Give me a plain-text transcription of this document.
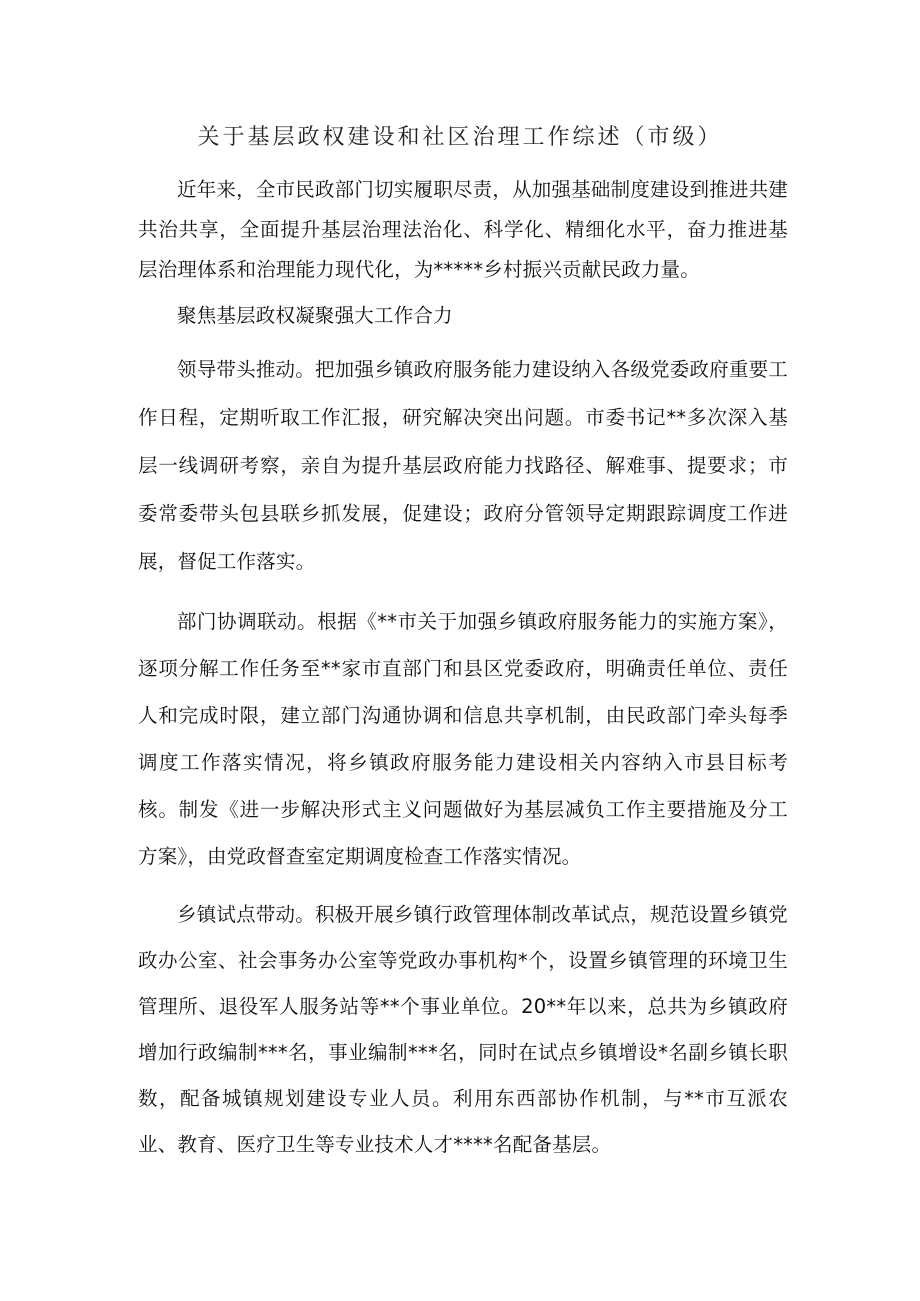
关于基层政权建设和社区治理工作综述（市级）

近年来，全市民政部门切实履职尽责，从加强基础制度建设到推进共建共治共享，全面提升基层治理法治化、科学化、精细化水平，奋力推进基层治理体系和治理能力现代化，为*****乡村振兴贡献民政力量。

聚焦基层政权凝聚强大工作合力

领导带头推动。把加强乡镇政府服务能力建设纳入各级党委政府重要工作日程，定期听取工作汇报，研究解决突出问题。市委书记**多次深入基层一线调研考察，亲自为提升基层政府能力找路径、解难事、提要求；市委常委带头包县联乡抓发展，促建设；政府分管领导定期跟踪调度工作进展，督促工作落实。

部门协调联动。根据《**市关于加强乡镇政府服务能力的实施方案》，逐项分解工作任务至**家市直部门和县区党委政府，明确责任单位、责任人和完成时限，建立部门沟通协调和信息共享机制，由民政部门牵头每季调度工作落实情况，将乡镇政府服务能力建设相关内容纳入市县目标考核。制发《进一步解决形式主义问题做好为基层减负工作主要措施及分工方案》，由党政督查室定期调度检查工作落实情况。

乡镇试点带动。积极开展乡镇行政管理体制改革试点，规范设置乡镇党政办公室、社会事务办公室等党政办事机构*个，设置乡镇管理的环境卫生管理所、退役军人服务站等**个事业单位。20**年以来，总共为乡镇政府增加行政编制***名，事业编制***名，同时在试点乡镇增设*名副乡镇长职数，配备城镇规划建设专业人员。利用东西部协作机制，与**市互派农业、教育、医疗卫生等专业技术人才****名配备基层。
